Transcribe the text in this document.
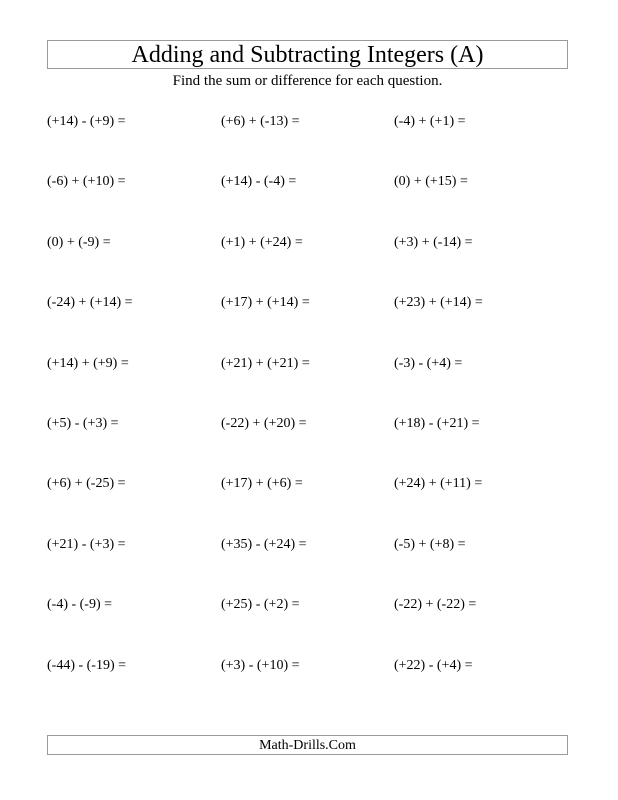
Adding and Subtracting Integers (A)
Find the sum or difference for each question.
(+14) - (+9) =	(+6) + (-13) =	(-4) + (+1) =
(-6) + (+10) =	(+14) - (-4) =	(0) + (+15) =
(0) + (-9) =	(+1) + (+24) =	(+3) + (-14) =
(-24) + (+14) =	(+17) + (+14) =	(+23) + (+14) =
(+14) + (+9) =	(+21) + (+21) =	(-3) - (+4) =
(+5) - (+3) =	(-22) + (+20) =	(+18) - (+21) =
(+6) + (-25) =	(+17) + (+6) =	(+24) + (+11) =
(+21) - (+3) =	(+35) - (+24) =	(-5) + (+8) =
(-4) - (-9) =	(+25) - (+2) =	(-22) + (-22) =
(-44) - (-19) =	(+3) - (+10) =	(+22) - (+4) =
Math-Drills.Com
